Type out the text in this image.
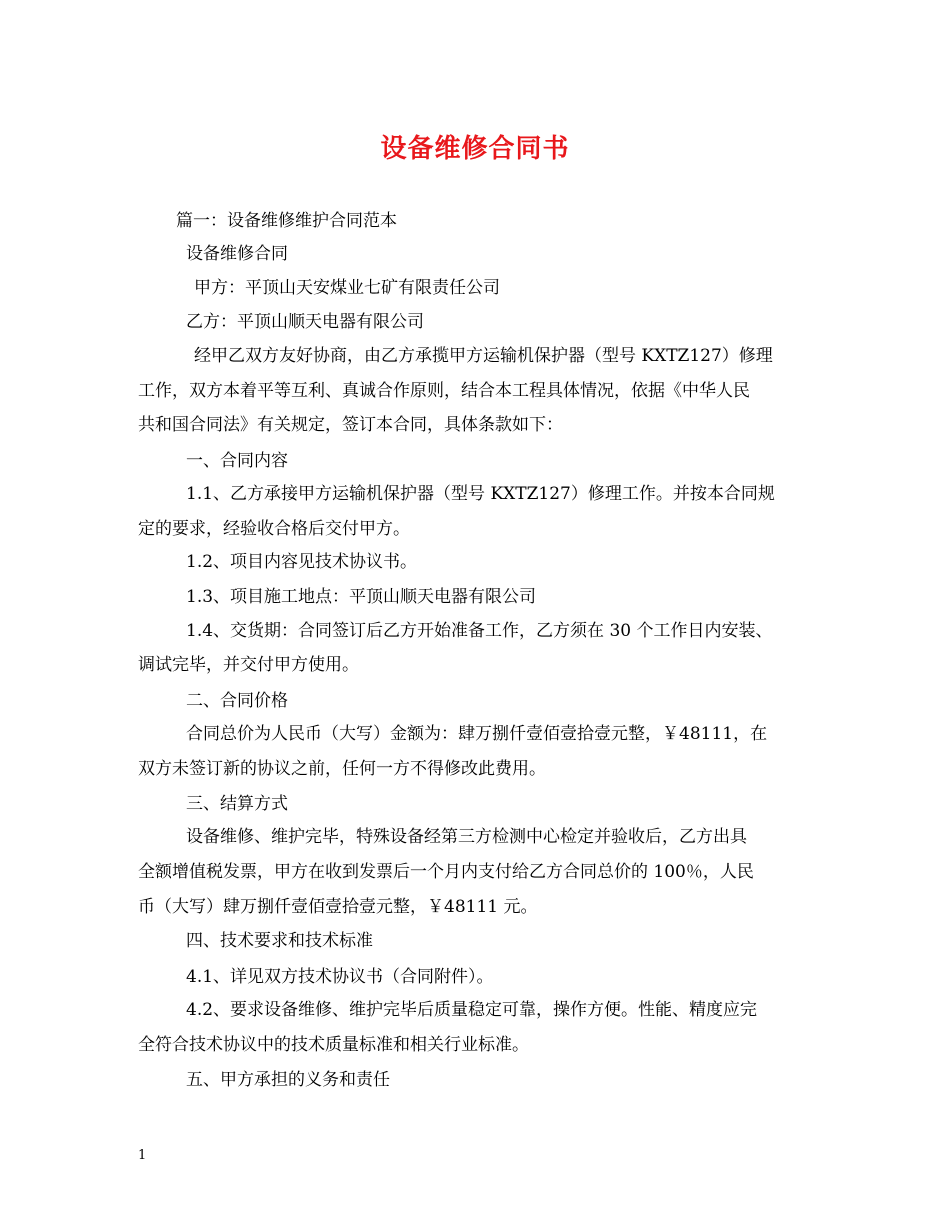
设备维修合同书
篇一：设备维修维护合同范本
设备维修合同
甲方：平顶山天安煤业七矿有限责任公司
乙方：平顶山顺天电器有限公司
经甲乙双方友好协商，由乙方承揽甲方运输机保护器（型号 KXTZ127）修理
工作，双方本着平等互利、真诚合作原则，结合本工程具体情况，依据《中华人民
共和国合同法》有关规定，签订本合同，具体条款如下：
一、合同内容
1.1、乙方承接甲方运输机保护器（型号 KXTZ127）修理工作。并按本合同规
定的要求，经验收合格后交付甲方。
1.2、项目内容见技术协议书。
1.3、项目施工地点：平顶山顺天电器有限公司
1.4、交货期：合同签订后乙方开始准备工作，乙方须在 30 个工作日内安装、
调试完毕，并交付甲方使用。
二、合同价格
合同总价为人民币（大写）金额为：肆万捌仟壹佰壹拾壹元整，￥48111，在
双方未签订新的协议之前，任何一方不得修改此费用。
三、结算方式
设备维修、维护完毕，特殊设备经第三方检测中心检定并验收后，乙方出具
全额增值税发票，甲方在收到发票后一个月内支付给乙方合同总价的 100％，人民
币（大写）肆万捌仟壹佰壹拾壹元整，￥48111 元。
四、技术要求和技术标准
4.1、详见双方技术协议书（合同附件）。
4.2、要求设备维修、维护完毕后质量稳定可靠，操作方便。性能、精度应完
全符合技术协议中的技术质量标准和相关行业标准。
五、甲方承担的义务和责任
1
